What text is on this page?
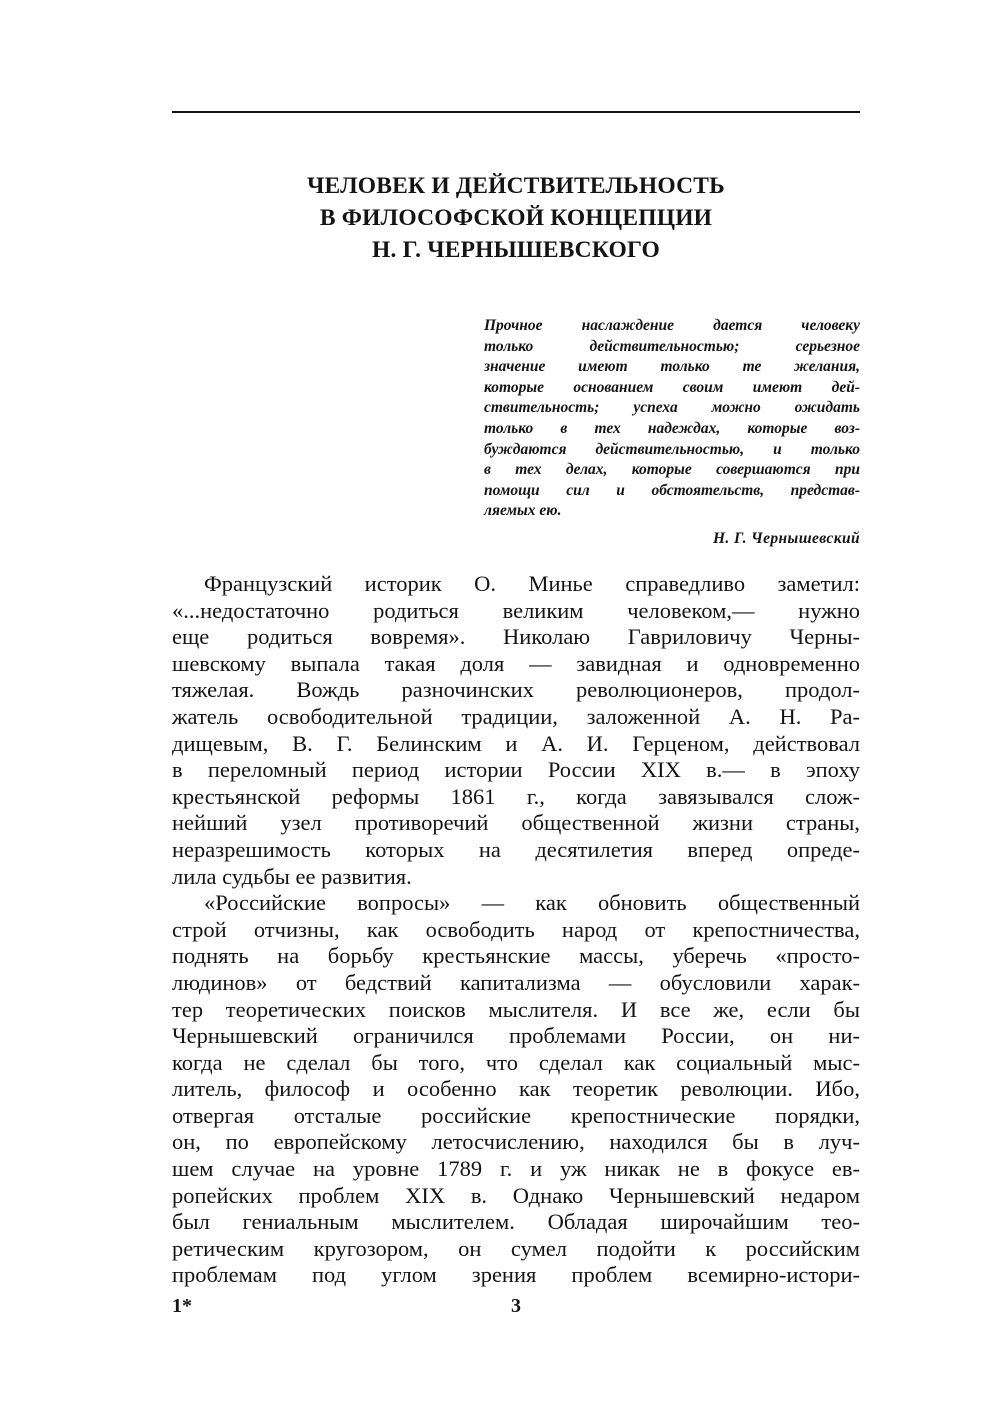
ЧЕЛОВЕК И ДЕЙСТВИТЕЛЬНОСТЬ
В ФИЛОСОФСКОЙ КОНЦЕПЦИИ
Н. Г. ЧЕРНЫШЕВСКОГО
Прочное наслаждение дается человеку
только действительностью; серьезное
значение имеют только те желания,
которые основанием своим имеют дей-
ствительность; успеха можно ожидать
только в тех надеждах, которые воз-
буждаются действительностью, и только
в тех делах, которые совершаются при
помощи сил и обстоятельств, представ-
ляемых ею.
Н. Г. Чернышевский
Французский историк О. Минье справедливо заметил:
«...недостаточно родиться великим человеком,— нужно
еще родиться вовремя». Николаю Гавриловичу Черны-
шевскому выпала такая доля — завидная и одновременно
тяжелая. Вождь разночинских революционеров, продол-
жатель освободительной традиции, заложенной А. Н. Ра-
дищевым, В. Г. Белинским и А. И. Герценом, действовал
в переломный период истории России XIX в.— в эпоху
крестьянской реформы 1861 г., когда завязывался слож-
нейший узел противоречий общественной жизни страны,
неразрешимость которых на десятилетия вперед опреде-
лила судьбы ее развития.
«Российские вопросы» — как обновить общественный
строй отчизны, как освободить народ от крепостничества,
поднять на борьбу крестьянские массы, уберечь «просто-
людинов» от бедствий капитализма — обусловили харак-
тер теоретических поисков мыслителя. И все же, если бы
Чернышевский ограничился проблемами России, он ни-
когда не сделал бы того, что сделал как социальный мыс-
литель, философ и особенно как теоретик революции. Ибо,
отвергая отсталые российские крепостнические порядки,
он, по европейскому летосчислению, находился бы в луч-
шем случае на уровне 1789 г. и уж никак не в фокусе ев-
ропейских проблем XIX в. Однако Чернышевский недаром
был гениальным мыслителем. Обладая широчайшим тео-
ретическим кругозором, он сумел подойти к российским
проблемам под углом зрения проблем всемирно-истори-
1*	3
